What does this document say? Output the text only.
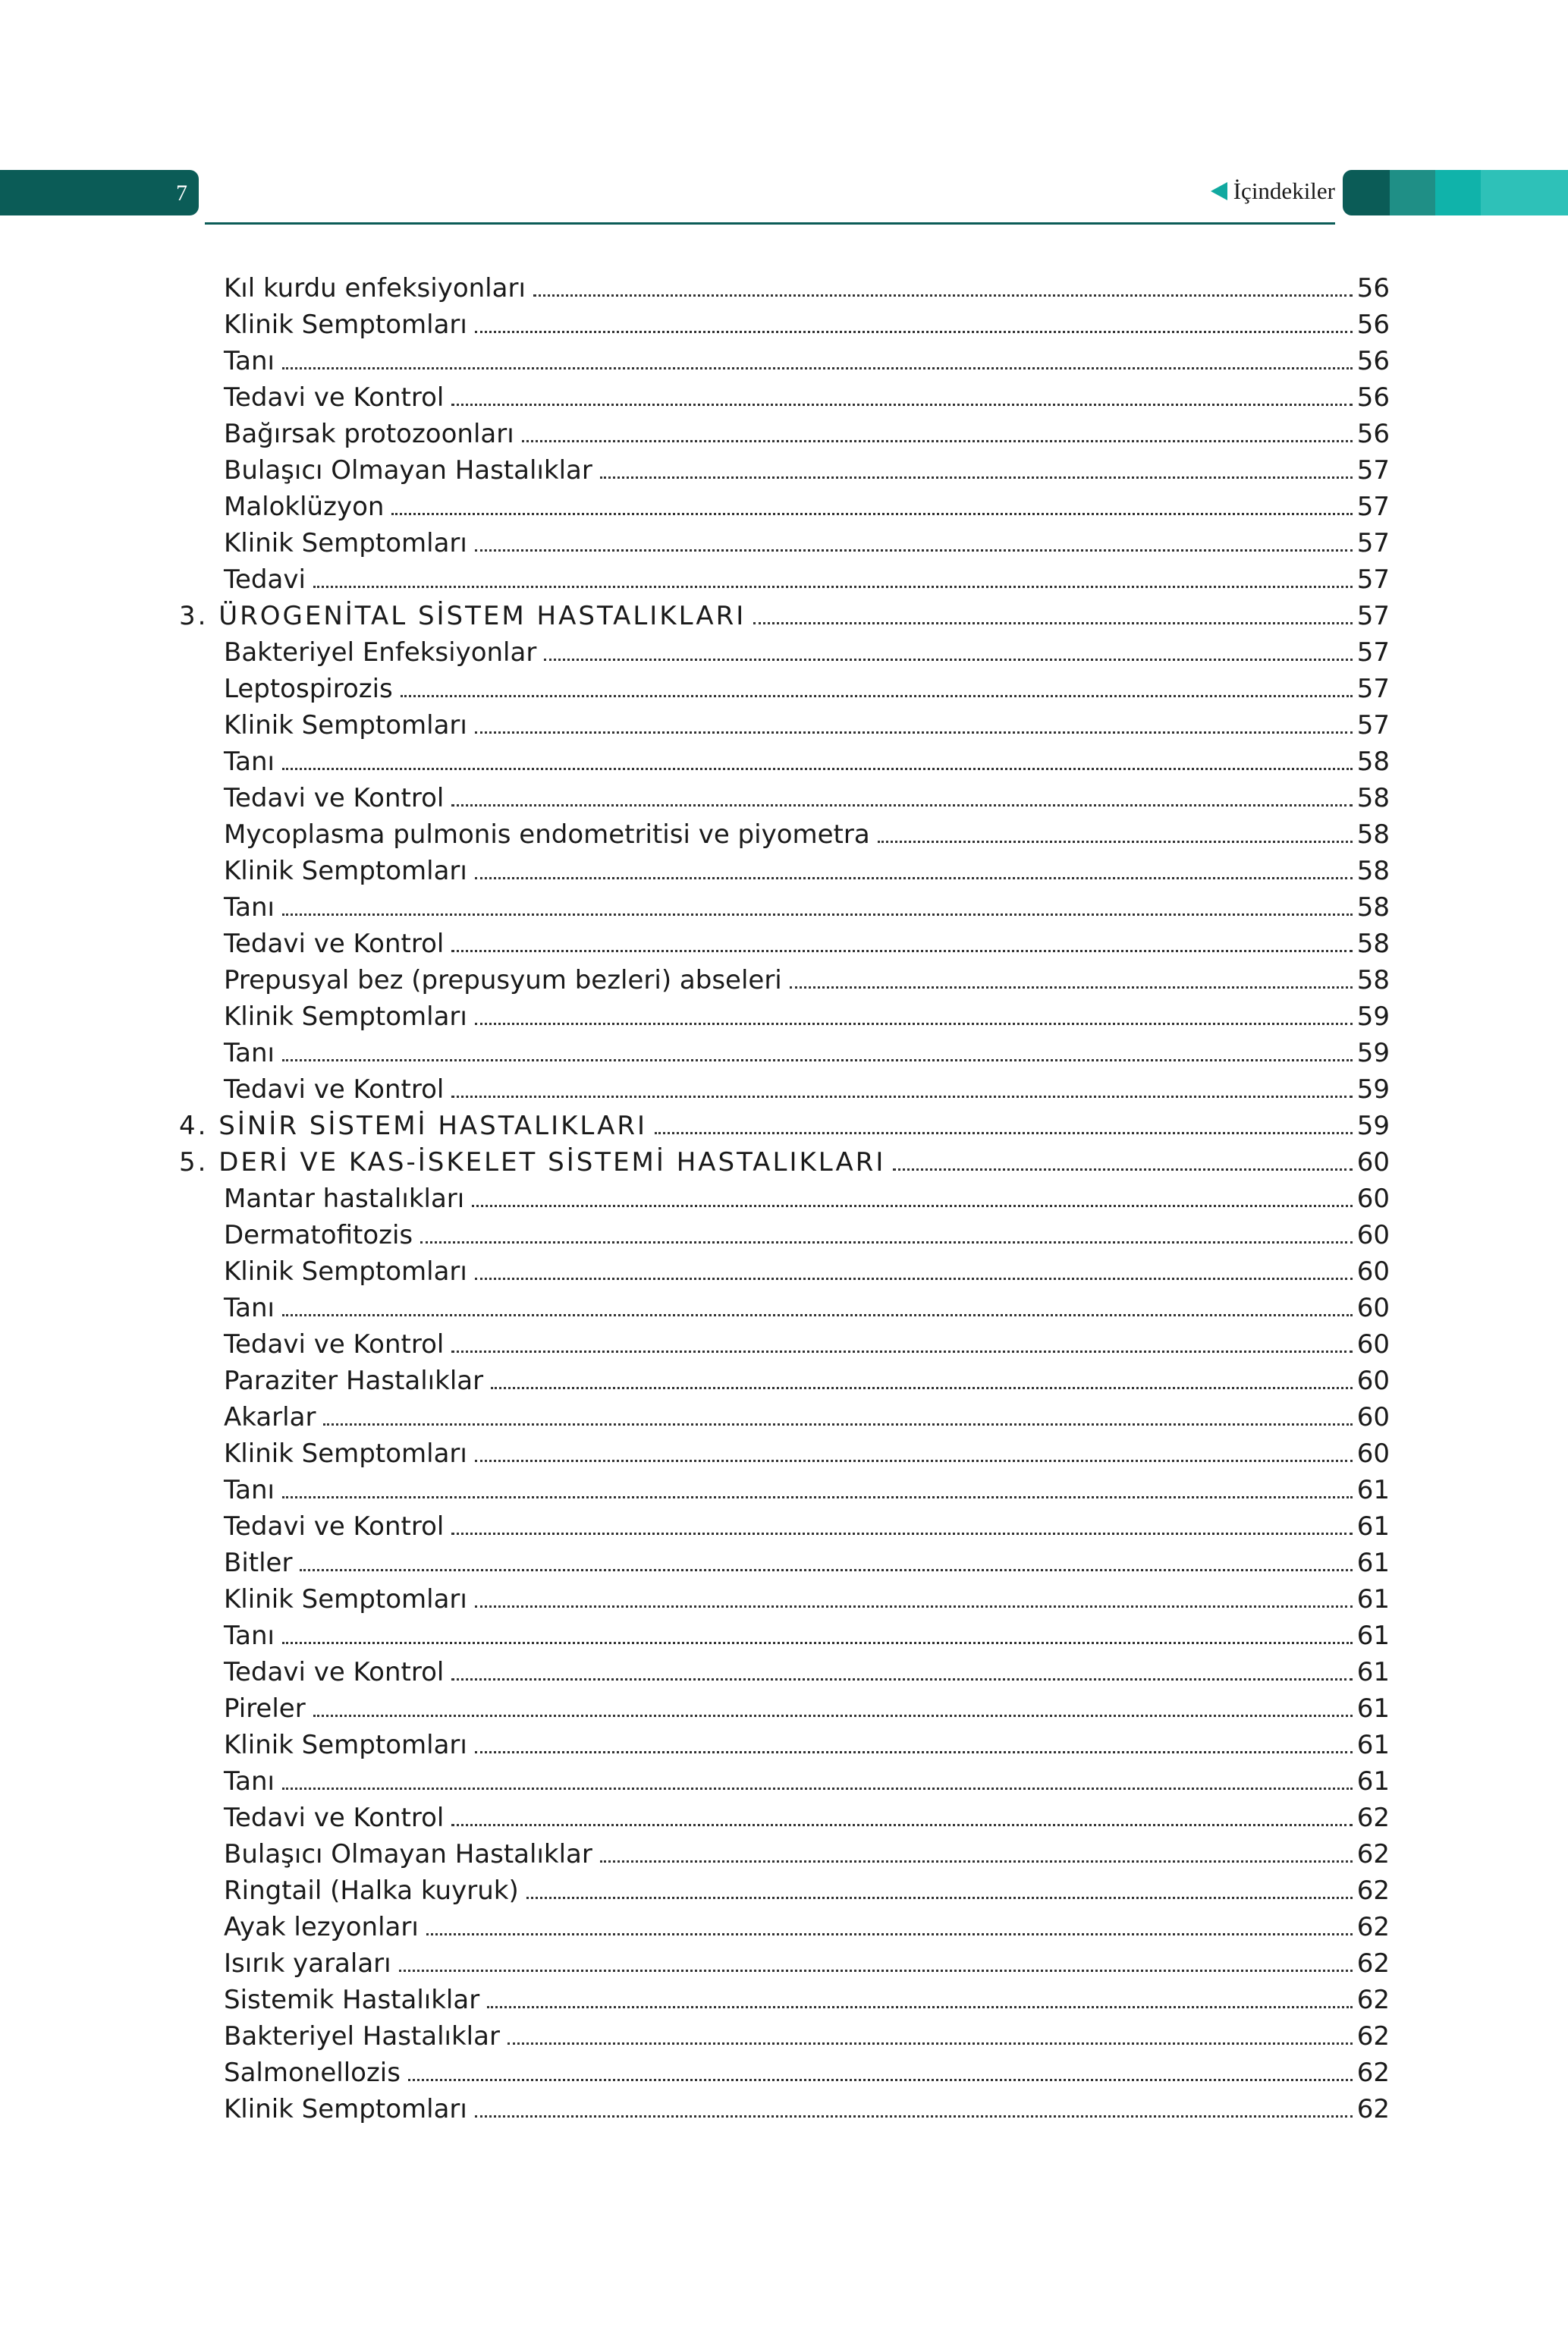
7	İçindekiler
Kıl kurdu enfeksiyonları	56
Klinik Semptomları	56
Tanı	56
Tedavi ve Kontrol	56
Bağırsak protozoonları	56
Bulaşıcı Olmayan Hastalıklar	57
Maloklüzyon	57
Klinik Semptomları	57
Tedavi	57
3. ÜROGENİTAL SİSTEM HASTALIKLARI	57
Bakteriyel Enfeksiyonlar	57
Leptospirozis	57
Klinik Semptomları	57
Tanı	58
Tedavi ve Kontrol	58
Mycoplasma pulmonis endometritisi ve piyometra	58
Klinik Semptomları	58
Tanı	58
Tedavi ve Kontrol	58
Prepusyal bez (prepusyum bezleri) abseleri	58
Klinik Semptomları	59
Tanı	59
Tedavi ve Kontrol	59
4. SİNİR SİSTEMİ HASTALIKLARI	59
5. DERİ VE KAS-İSKELET SİSTEMİ HASTALIKLARI	60
Mantar hastalıkları	60
Dermatofitozis	60
Klinik Semptomları	60
Tanı	60
Tedavi ve Kontrol	60
Paraziter Hastalıklar	60
Akarlar	60
Klinik Semptomları	60
Tanı	61
Tedavi ve Kontrol	61
Bitler	61
Klinik Semptomları	61
Tanı	61
Tedavi ve Kontrol	61
Pireler	61
Klinik Semptomları	61
Tanı	61
Tedavi ve Kontrol	62
Bulaşıcı Olmayan Hastalıklar	62
Ringtail (Halka kuyruk)	62
Ayak lezyonları	62
Isırık yaraları	62
Sistemik Hastalıklar	62
Bakteriyel Hastalıklar	62
Salmonellozis	62
Klinik Semptomları	62
